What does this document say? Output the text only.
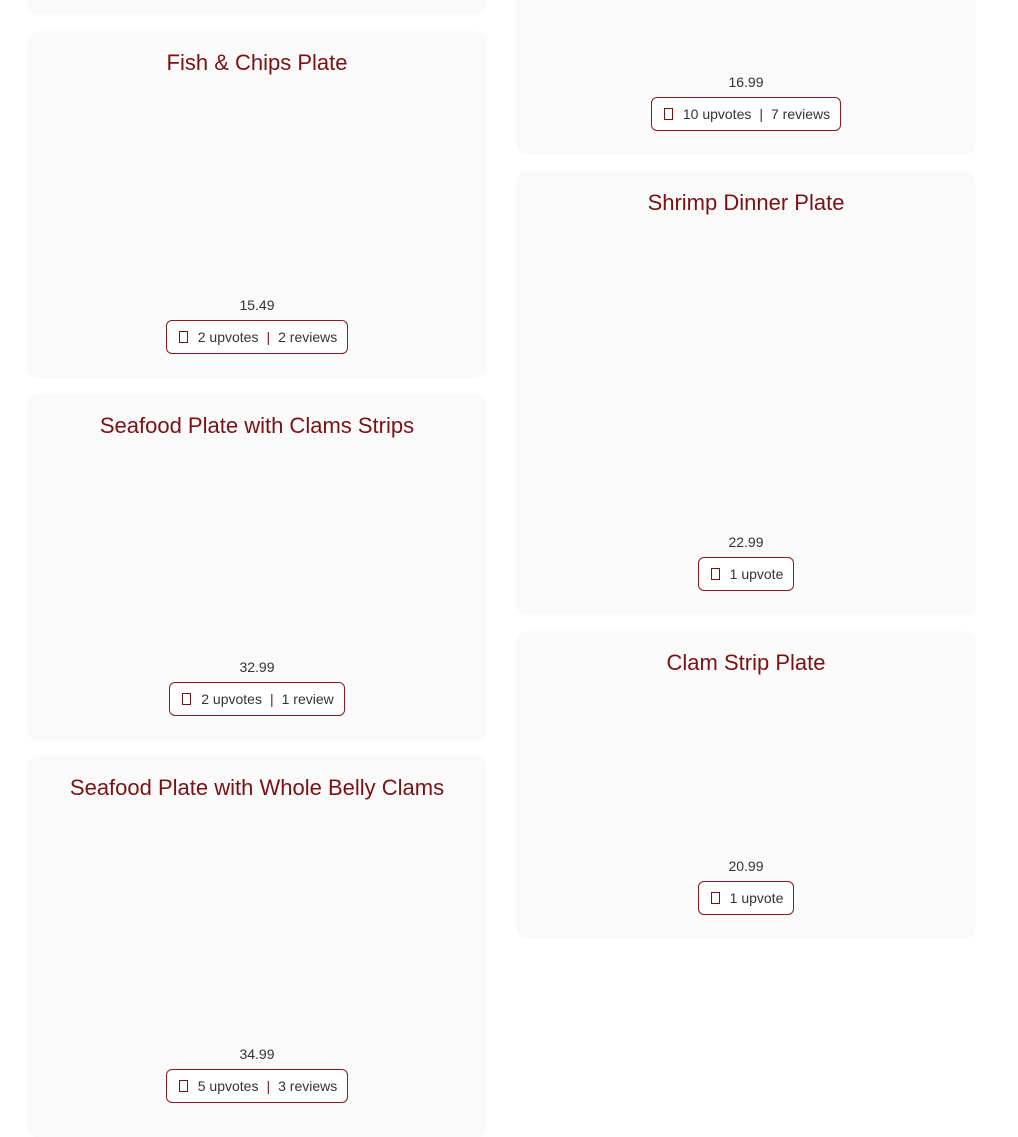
Fish & Chips Plate
15.49
2 upvotes | 2 reviews
Seafood Plate with Clams Strips
32.99
2 upvotes | 1 review
Seafood Plate with Whole Belly Clams
34.99
5 upvotes | 3 reviews
16.99
10 upvotes | 7 reviews
Shrimp Dinner Plate
22.99
1 upvote
Clam Strip Plate
20.99
1 upvote
